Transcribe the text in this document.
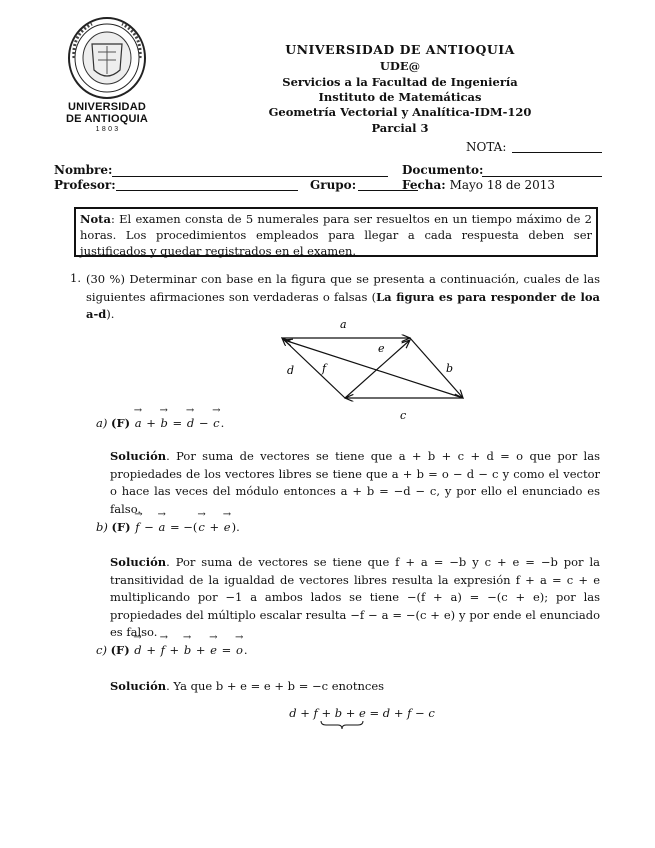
UNIVERSIDAD
DE ANTIOQUIA
1 8 0 3
UNIVERSIDAD DE ANTIOQUIA
UDE@
Servicios a la Facultad de Ingeniería
Instituto de Matemáticas
Geometría Vectorial y Analítica-IDM-120
Parcial 3
NOTA:
Nombre:	Documento:
Profesor:	Grupo:	Fecha: Mayo 18 de 2013
Nota: El examen consta de 5 numerales para ser resueltos en un tiempo máximo de 2 horas. Los procedimientos empleados para llegar a cada respuesta deben ser justificados y quedar registrados en el examen.
1. (30 %) Determinar con base en la figura que se presenta a continuación, cuales de las siguientes afirmaciones son verdaderas o falsas (La figura es para responder de loa a-d).
a
b
c
d
e
f
a) (F) → a + → b = → d − → c.
Solución. Por suma de vectores se tiene que a + b + c + d = o que por las propiedades de los vectores libres se tiene que a + b = o − d − c y como el vector o hace las veces del módulo entonces a + b = −d − c, y por ello el enunciado es falso.
b) (F) → f − → a = −(→ c + → e).
Solución. Por suma de vectores se tiene que f + a = −b y c + e = −b por la transitividad de la igualdad de vectores libres resulta la expresión f + a = c + e multiplicando por −1 a ambos lados se tiene −(f + a) = −(c + e); por las propiedades del múltiplo escalar resulta −f − a = −(c + e) y por ende el enunciado es falso.
c) (F) → d + → f + → b + → e = → o.
Solución. Ya que b + e = e + b = −c enotnces
d + f + b + e = d + f − c
